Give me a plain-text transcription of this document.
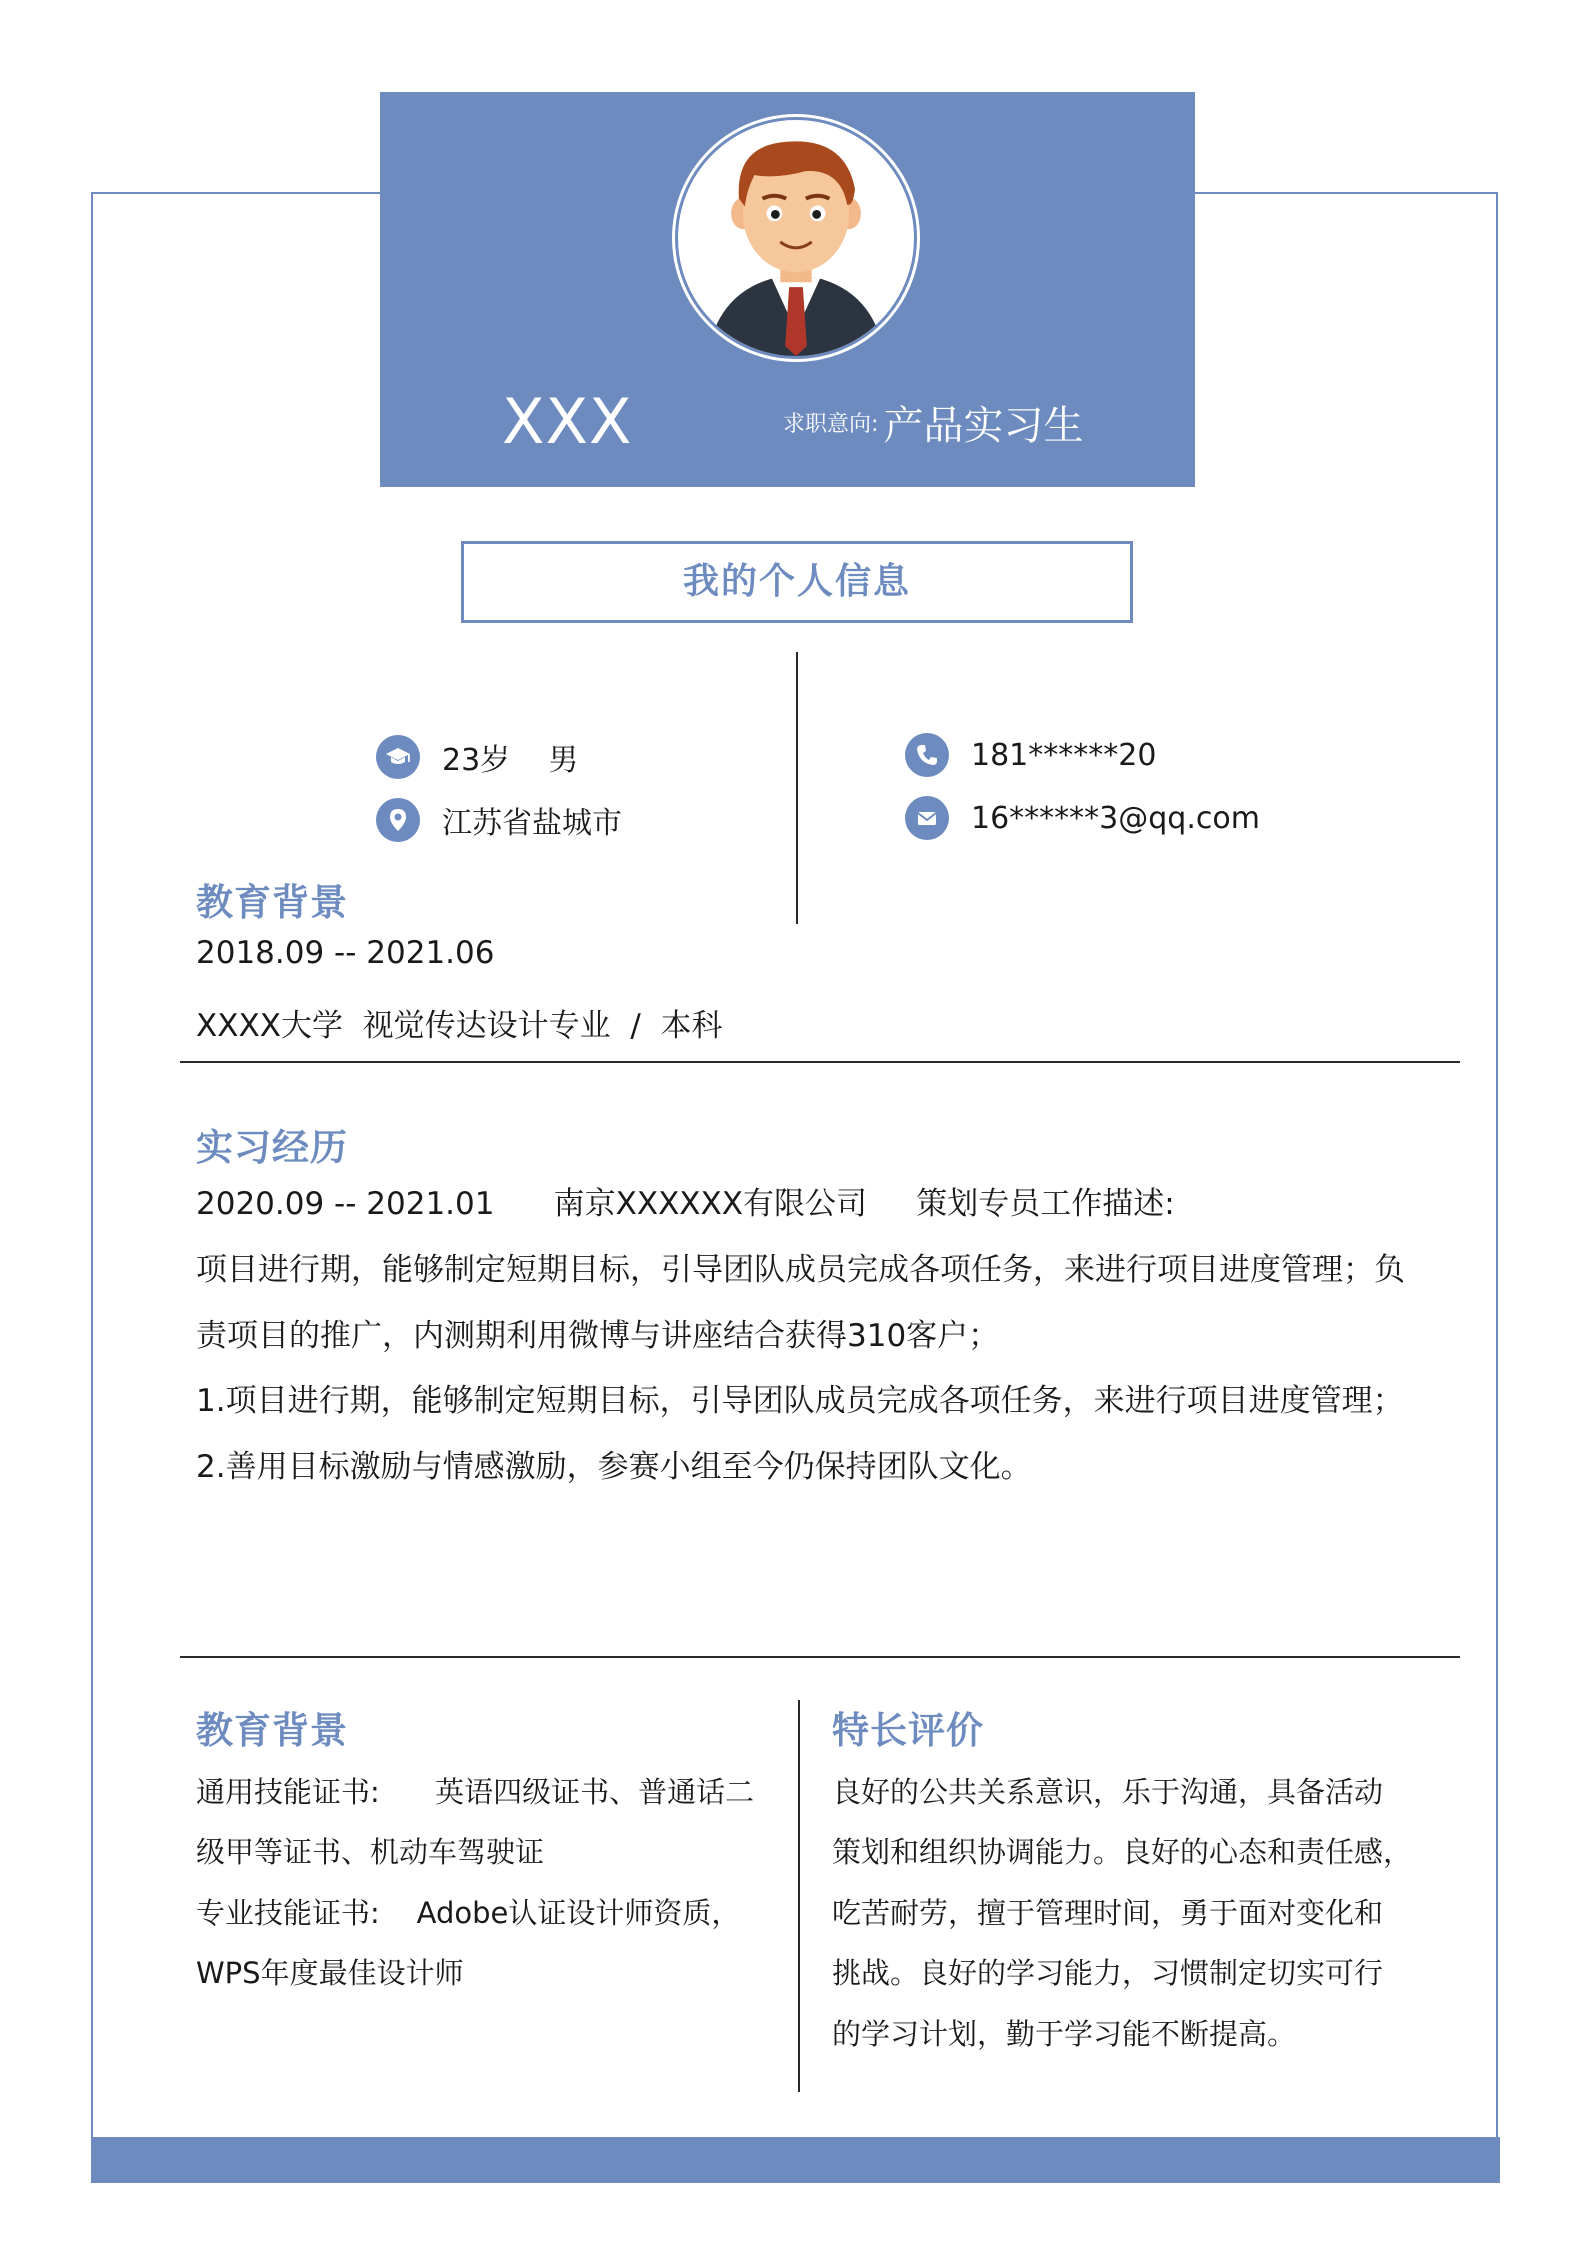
XXX	求职意向: 产品实习生
我的个人信息
23岁    男
江苏省盐城市
181******20
16******3@qq.com
教育背景
2018.09 -- 2021.06
XXXX大学  视觉传达设计专业  /  本科
实习经历
2020.09 -- 2021.01      南京XXXXXX有限公司     策划专员工作描述:
项目进行期，能够制定短期目标，引导团队成员完成各项任务，来进行项目进度管理；负
责项目的推广，内测期利用微博与讲座结合获得310客户；
1.项目进行期，能够制定短期目标，引导团队成员完成各项任务，来进行项目进度管理；
2.善用目标激励与情感激励，参赛小组至今仍保持团队文化。
教育背景
通用技能证书:      英语四级证书、普通话二
级甲等证书、机动车驾驶证
专业技能证书:    Adobe认证设计师资质，
WPS年度最佳设计师
特长评价
良好的公共关系意识，乐于沟通，具备活动
策划和组织协调能力。良好的心态和责任感，
吃苦耐劳，擅于管理时间，勇于面对变化和
挑战。良好的学习能力，习惯制定切实可行
的学习计划，勤于学习能不断提高。
